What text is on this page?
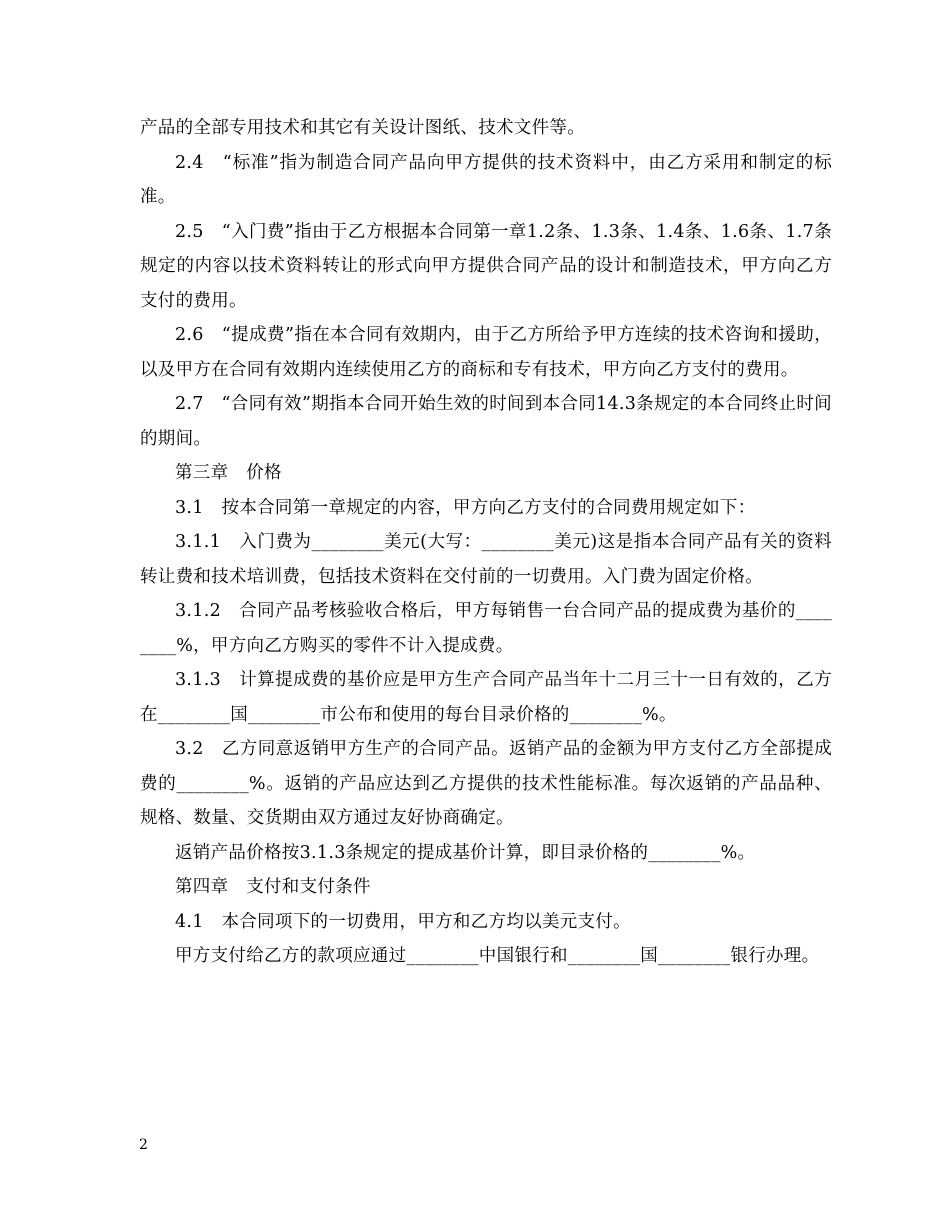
产品的全部专用技术和其它有关设计图纸、技术文件等。

2.4　“标准”指为制造合同产品向甲方提供的技术资料中，由乙方采用和制定的标准。

2.5　“入门费”指由于乙方根据本合同第一章1.2条、1.3条、1.4条、1.6条、1.7条规定的内容以技术资料转让的形式向甲方提供合同产品的设计和制造技术，甲方向乙方支付的费用。

2.6　“提成费”指在本合同有效期内，由于乙方所给予甲方连续的技术咨询和援助，以及甲方在合同有效期内连续使用乙方的商标和专有技术，甲方向乙方支付的费用。

2.7　“合同有效”期指本合同开始生效的时间到本合同14.3条规定的本合同终止时间的期间。

第三章　价格

3.1　按本合同第一章规定的内容，甲方向乙方支付的合同费用规定如下：

3.1.1　入门费为________美元(大写：________美元)这是指本合同产品有关的资料转让费和技术培训费，包括技术资料在交付前的一切费用。入门费为固定价格。

3.1.2　合同产品考核验收合格后，甲方每销售一台合同产品的提成费为基价的________%，甲方向乙方购买的零件不计入提成费。

3.1.3　计算提成费的基价应是甲方生产合同产品当年十二月三十一日有效的，乙方在________国________市公布和使用的每台目录价格的________%。

3.2　乙方同意返销甲方生产的合同产品。返销产品的金额为甲方支付乙方全部提成费的________%。返销的产品应达到乙方提供的技术性能标准。每次返销的产品品种、规格、数量、交货期由双方通过友好协商确定。

返销产品价格按3.1.3条规定的提成基价计算，即目录价格的________%。

第四章　支付和支付条件

4.1　本合同项下的一切费用，甲方和乙方均以美元支付。

甲方支付给乙方的款项应通过________中国银行和________国________银行办理。

2
